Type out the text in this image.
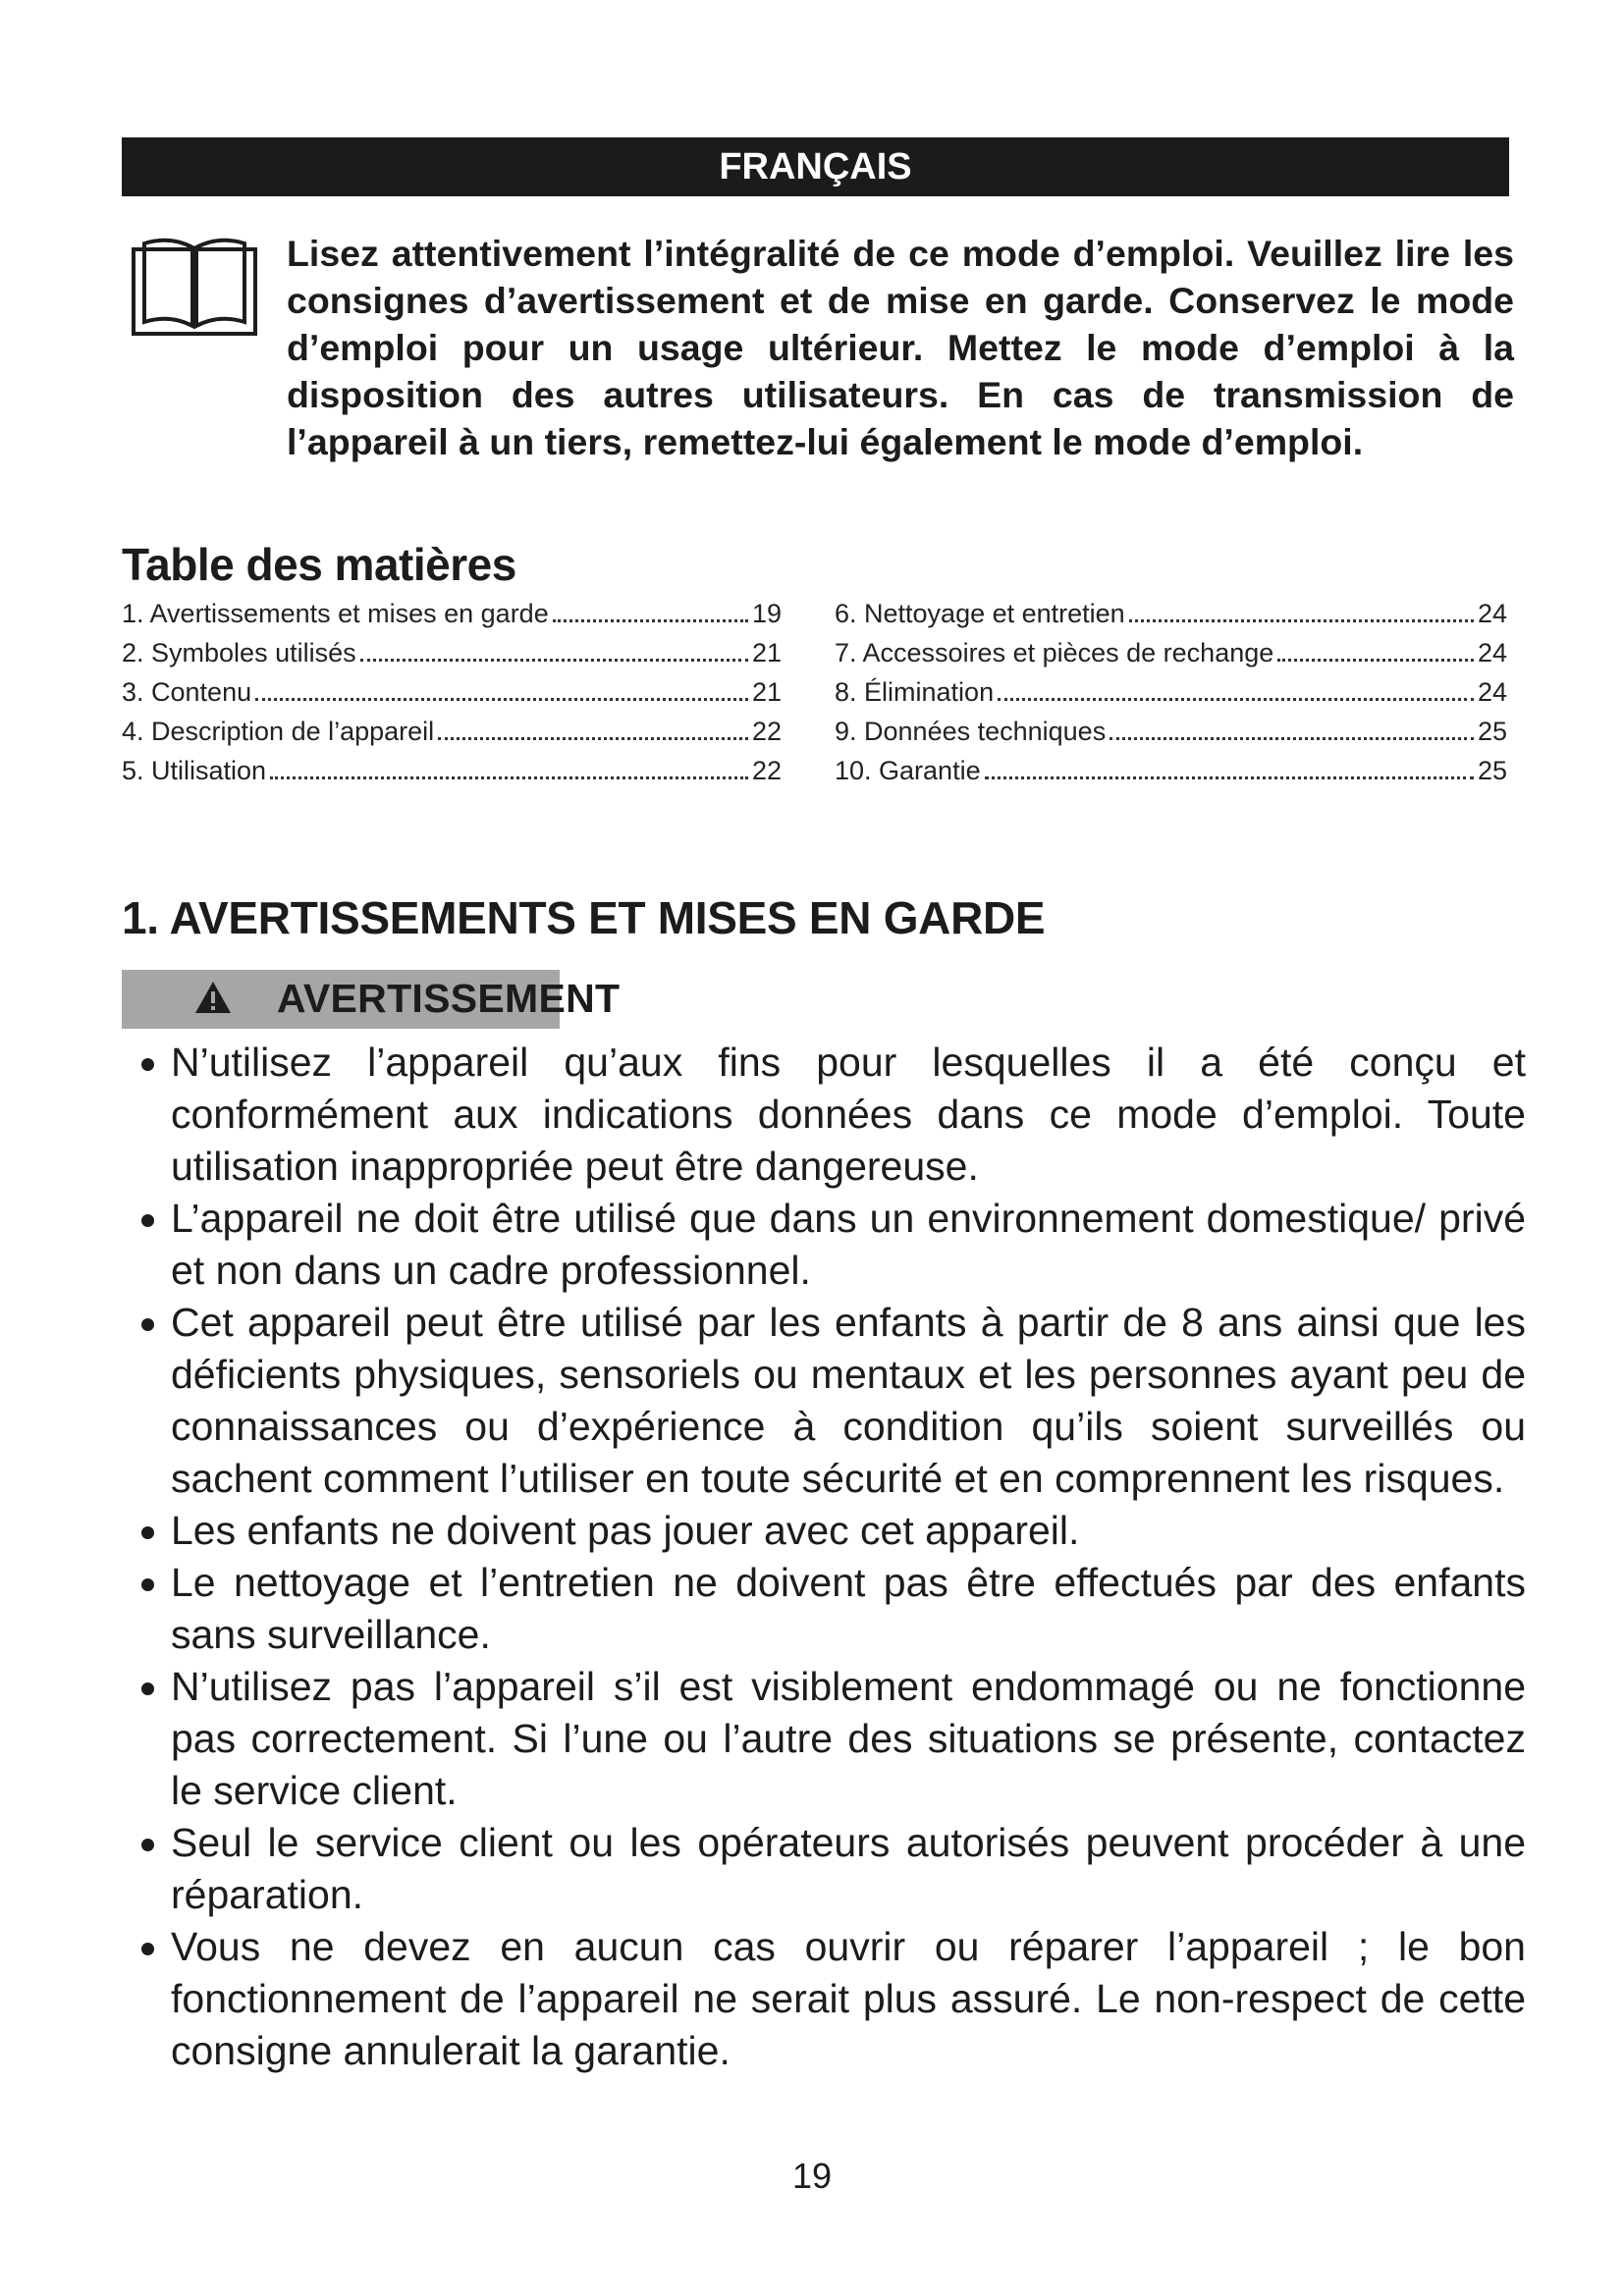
FRANÇAIS
Lisez attentivement l’intégralité de ce mode d’emploi. Veuillez lire les consignes d’avertissement et de mise en garde. Conservez le mode d’emploi pour un usage ultérieur. Mettez le mode d’emploi à la disposition des autres utilisateurs. En cas de transmission de l’appareil à un tiers, remettez-lui également le mode d’emploi.
Table des matières
1. Avertissements et mises en garde	19
2. Symboles utilisés	21
3. Contenu	21
4. Description de l’appareil	22
5. Utilisation	22
6. Nettoyage et entretien	24
7. Accessoires et pièces de rechange	24
8. Élimination	24
9. Données techniques	25
10. Garantie	25
1. AVERTISSEMENTS ET MISES EN GARDE
AVERTISSEMENT
N’utilisez l’appareil qu’aux fins pour lesquelles il a été conçu et conformément aux indications données dans ce mode d’emploi. Toute utilisation inappropriée peut être dangereuse.
L’appareil ne doit être utilisé que dans un environnement domestique/ privé et non dans un cadre professionnel.
Cet appareil peut être utilisé par les enfants à partir de 8 ans ainsi que les déficients physiques, sensoriels ou mentaux et les personnes ayant peu de connaissances ou d’expérience à condition qu’ils soient surveillés ou sachent comment l’utiliser en toute sécurité et en comprennent les risques.
Les enfants ne doivent pas jouer avec cet appareil.
Le nettoyage et l’entretien ne doivent pas être effectués par des enfants sans surveillance.
N’utilisez pas l’appareil s’il est visiblement endommagé ou ne fonctionne pas correctement. Si l’une ou l’autre des situations se présente, contactez le service client.
Seul le service client ou les opérateurs autorisés peuvent procéder à une réparation.
Vous ne devez en aucun cas ouvrir ou réparer l’appareil ; le bon fonctionnement de l’appareil ne serait plus assuré. Le non-respect de cette consigne annulerait la garantie.
19
